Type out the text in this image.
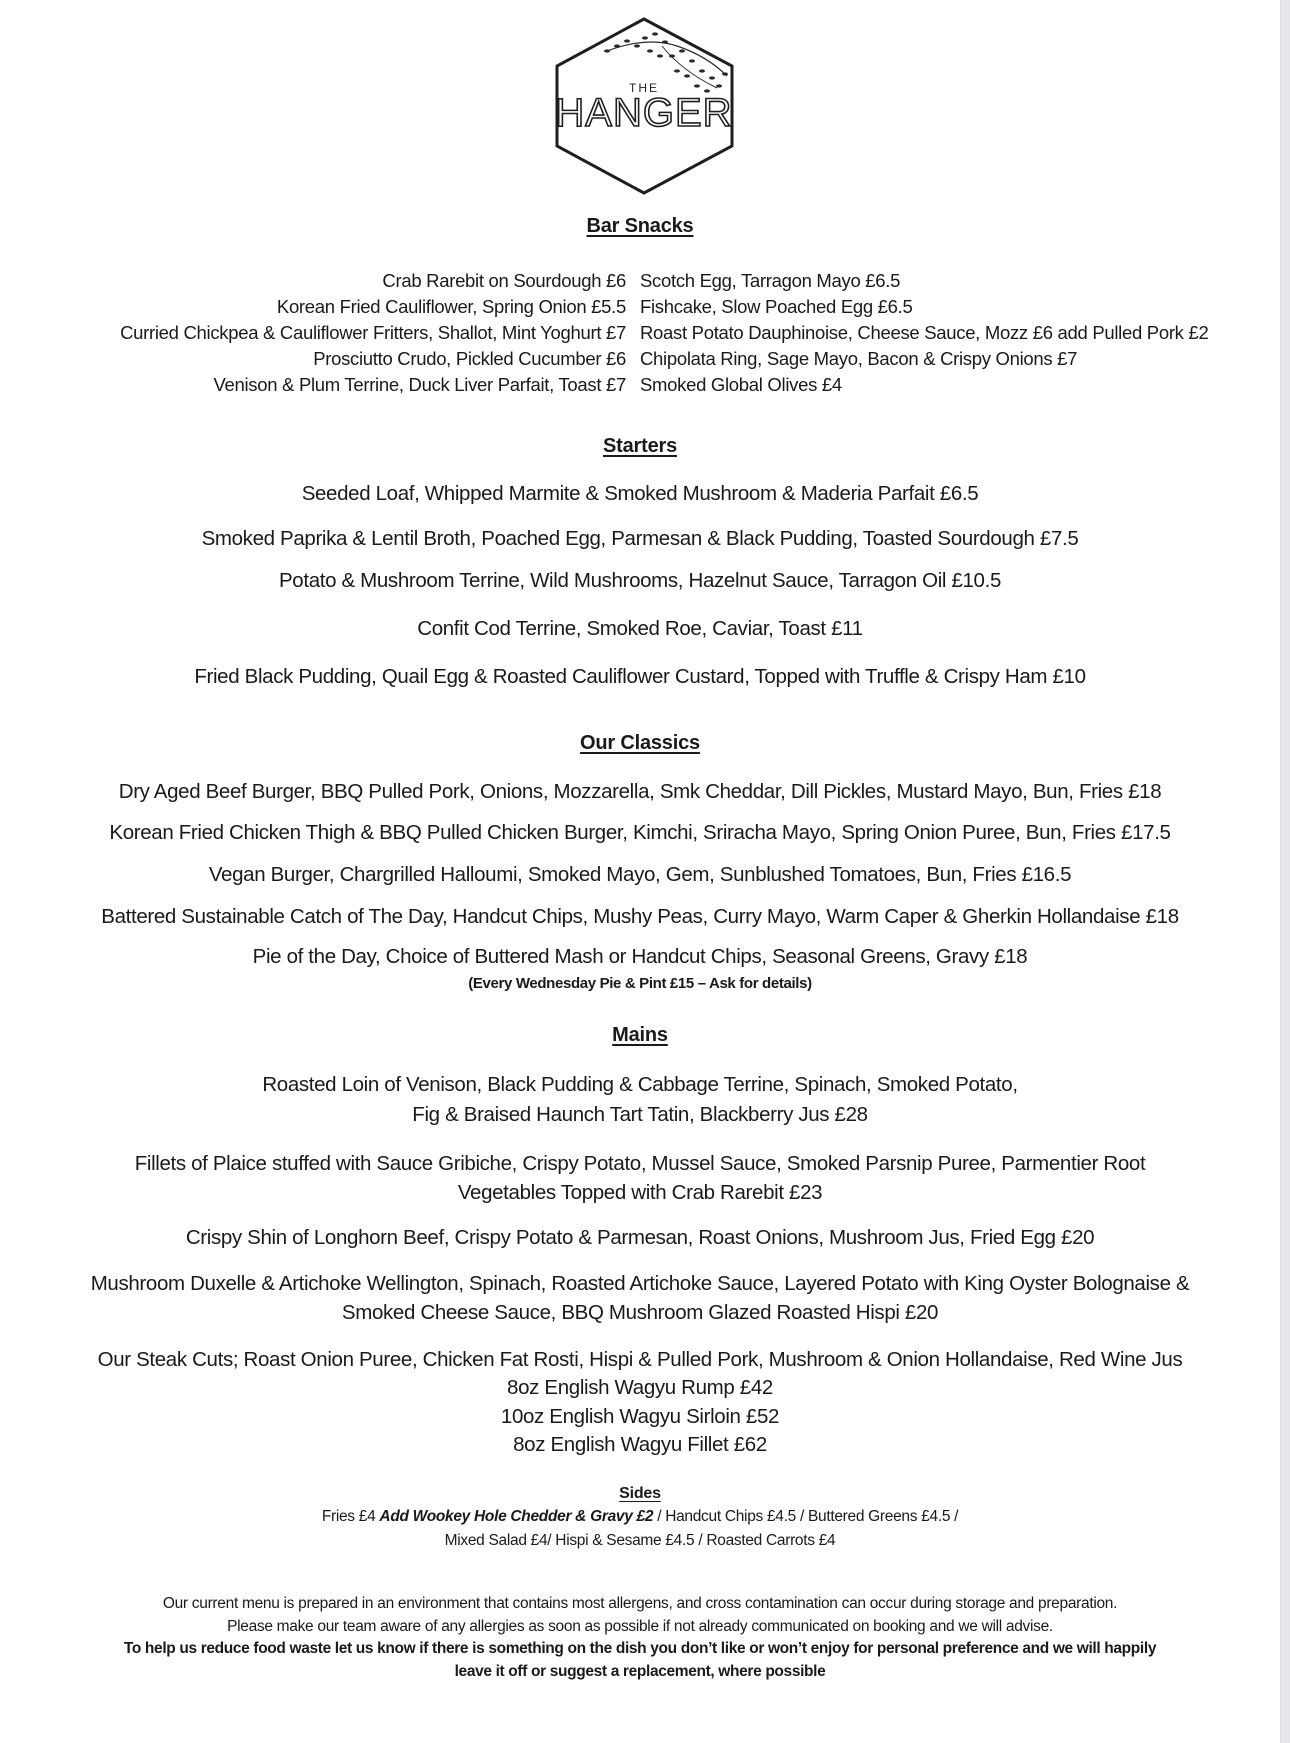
THE
HANGER
Bar Snacks
Crab Rarebit on Sourdough £6
Korean Fried Cauliflower, Spring Onion £5.5
Curried Chickpea & Cauliflower Fritters, Shallot, Mint Yoghurt £7
Prosciutto Crudo, Pickled Cucumber £6
Venison & Plum Terrine, Duck Liver Parfait, Toast £7
Scotch Egg, Tarragon Mayo £6.5
Fishcake, Slow Poached Egg £6.5
Roast Potato Dauphinoise, Cheese Sauce, Mozz £6 add Pulled Pork £2
Chipolata Ring, Sage Mayo, Bacon & Crispy Onions £7
Smoked Global Olives £4
Starters
Seeded Loaf, Whipped Marmite & Smoked Mushroom & Maderia Parfait £6.5
Smoked Paprika & Lentil Broth, Poached Egg, Parmesan & Black Pudding, Toasted Sourdough £7.5
Potato & Mushroom Terrine, Wild Mushrooms, Hazelnut Sauce, Tarragon Oil £10.5
Confit Cod Terrine, Smoked Roe, Caviar, Toast £11
Fried Black Pudding, Quail Egg & Roasted Cauliflower Custard, Topped with Truffle & Crispy Ham £10
Our Classics
Dry Aged Beef Burger, BBQ Pulled Pork, Onions, Mozzarella, Smk Cheddar, Dill Pickles, Mustard Mayo, Bun, Fries £18
Korean Fried Chicken Thigh & BBQ Pulled Chicken Burger, Kimchi, Sriracha Mayo, Spring Onion Puree, Bun, Fries £17.5
Vegan Burger, Chargrilled Halloumi, Smoked Mayo, Gem, Sunblushed Tomatoes, Bun, Fries £16.5
Battered Sustainable Catch of The Day, Handcut Chips, Mushy Peas, Curry Mayo, Warm Caper & Gherkin Hollandaise £18
Pie of the Day, Choice of Buttered Mash or Handcut Chips, Seasonal Greens, Gravy £18
(Every Wednesday Pie & Pint £15 – Ask for details)
Mains
Roasted Loin of Venison, Black Pudding & Cabbage Terrine, Spinach, Smoked Potato,
Fig & Braised Haunch Tart Tatin, Blackberry Jus £28
Fillets of Plaice stuffed with Sauce Gribiche, Crispy Potato, Mussel Sauce, Smoked Parsnip Puree, Parmentier Root
Vegetables Topped with Crab Rarebit £23
Crispy Shin of Longhorn Beef, Crispy Potato & Parmesan, Roast Onions, Mushroom Jus, Fried Egg £20
Mushroom Duxelle & Artichoke Wellington, Spinach, Roasted Artichoke Sauce, Layered Potato with King Oyster Bolognaise &
Smoked Cheese Sauce, BBQ Mushroom Glazed Roasted Hispi £20
Our Steak Cuts; Roast Onion Puree, Chicken Fat Rosti, Hispi & Pulled Pork, Mushroom & Onion Hollandaise, Red Wine Jus
8oz English Wagyu Rump £42
10oz English Wagyu Sirloin £52
8oz English Wagyu Fillet £62
Sides
Fries £4 Add Wookey Hole Chedder & Gravy £2 / Handcut Chips £4.5 / Buttered Greens £4.5 /
Mixed Salad £4/ Hispi & Sesame £4.5 / Roasted Carrots £4
Our current menu is prepared in an environment that contains most allergens, and cross contamination can occur during storage and preparation.
Please make our team aware of any allergies as soon as possible if not already communicated on booking and we will advise.
To help us reduce food waste let us know if there is something on the dish you don’t like or won’t enjoy for personal preference and we will happily
leave it off or suggest a replacement, where possible
